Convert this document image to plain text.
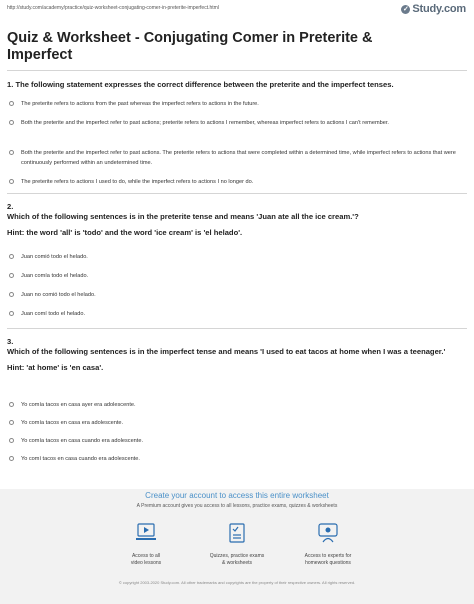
http://study.com/academy/practice/quiz-worksheet-conjugating-comer-in-preterite-imperfect.html	✓ Study.com
Quiz & Worksheet - Conjugating Comer in Preterite & Imperfect
1. The following statement expresses the correct difference between the preterite and the imperfect tenses.
The preterite refers to actions from the past whereas the imperfect refers to actions in the future.
Both the preterite and the imperfect refer to past actions; preterite refers to actions I remember, whereas imperfect refers to actions I can't remember.
Both the preterite and the imperfect refer to past actions. The preterite refers to actions that were completed within a determined time, while imperfect refers to actions that were continuously performed within an undetermined time.
The preterite refers to actions I used to do, while the imperfect refers to actions I no longer do.
2.
Which of the following sentences is in the preterite tense and means 'Juan ate all the ice cream.'?
Hint: the word 'all' is 'todo' and the word 'ice cream' is 'el helado'.
Juan comió todo el helado.
Juan comía todo el helado.
Juan no comió todo el helado.
Juan comí todo el helado.
3.
Which of the following sentences is in the imperfect tense and means 'I used to eat tacos at home when I was a teenager.'
Hint: 'at home' is 'en casa'.
Yo comía tacos en casa ayer era adolescente.
Yo comía tacos en casa era adolescente.
Yo comía tacos en casa cuando era adolescente.
Yo comí tacos en casa cuando era adolescente.
Create your account to access this entire worksheet
A Premium account gives you access to all lessons, practice exams, quizzes & worksheets
Access to all
video lessons
Quizzes, practice exams
& worksheets
Access to experts for
homework questions
© copyright 2003-2020 Study.com. All other trademarks and copyrights are the property of their respective owners. All rights reserved.
